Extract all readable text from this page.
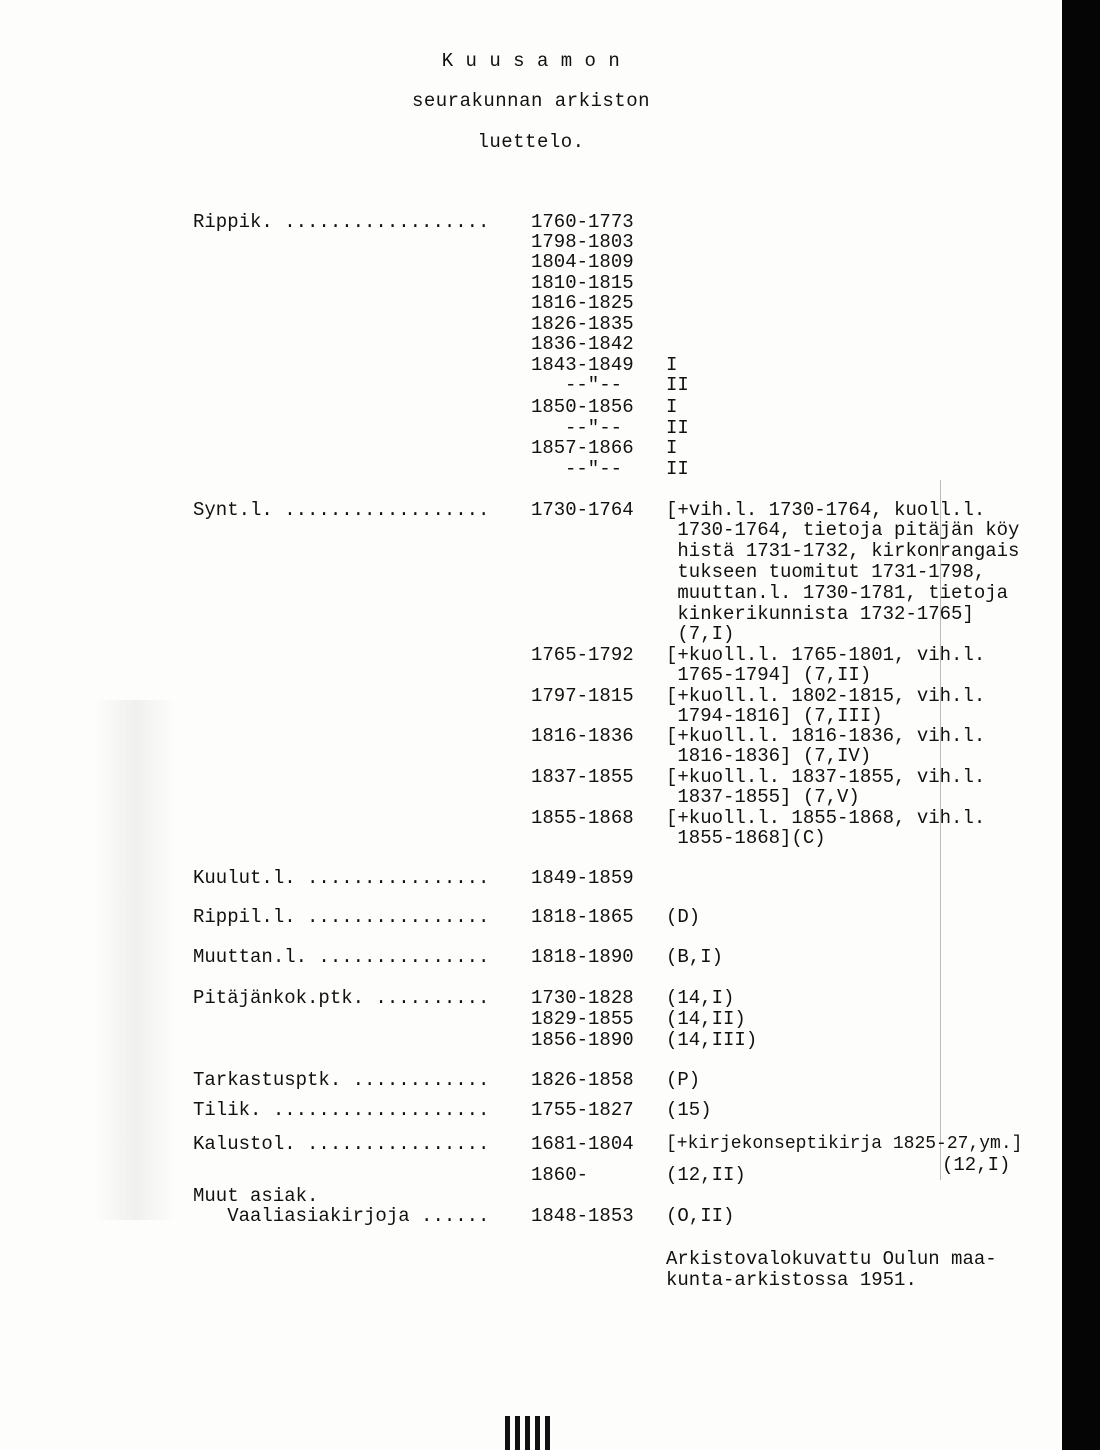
K u u s a m o n
seurakunnan arkiston
luettelo.
Rippik. .................. 1760-1773
1798-1803
1804-1809
1810-1815
1816-1825
1826-1835
1836-1842
1843-1849
--"--
1850-1856
--"--
1857-1866
--"--
I
II
I
II
I
II
Synt.l. .................. 1730-1764 [+vih.l. 1730-1764, kuoll.l.
1730-1764, tietoja pitäjän köy
histä 1731-1732, kirkonrangais
tukseen tuomitut 1731-1798,
muuttan.l. 1730-1781, tietoja
kinkerikunnista 1732-1765]
(7,I)
1765-1792 [+kuoll.l. 1765-1801, vih.l.
1765-1794] (7,II)
1797-1815 [+kuoll.l. 1802-1815, vih.l.
1794-1816] (7,III)
1816-1836 [+kuoll.l. 1816-1836, vih.l.
1816-1836] (7,IV)
1837-1855 [+kuoll.l. 1837-1855, vih.l.
1837-1855] (7,V)
1855-1868 [+kuoll.l. 1855-1868, vih.l.
1855-1868](C)
Kuulut.l. ................ 1849-1859
Rippil.l. ................ 1818-1865 (D)
Muuttan.l. ............... 1818-1890 (B,I)
Pitäjänkok.ptk. .......... 1730-1828
1829-1855
1856-1890
(14,I)
(14,II)
(14,III)
Tarkastusptk. ............ 1826-1858 (P)
Tilik. ................... 1755-1827 (15)
Kalustol. ................ 1681-1804 [+kirjekonseptikirja 1825-27,ym.]
(12,I)
1860-	(12,II)
Muut asiak.
Vaaliasiakirjoja ...... 1848-1853 (O,II)
Arkistovalokuvattu Oulun maa-
kunta-arkistossa 1951.
